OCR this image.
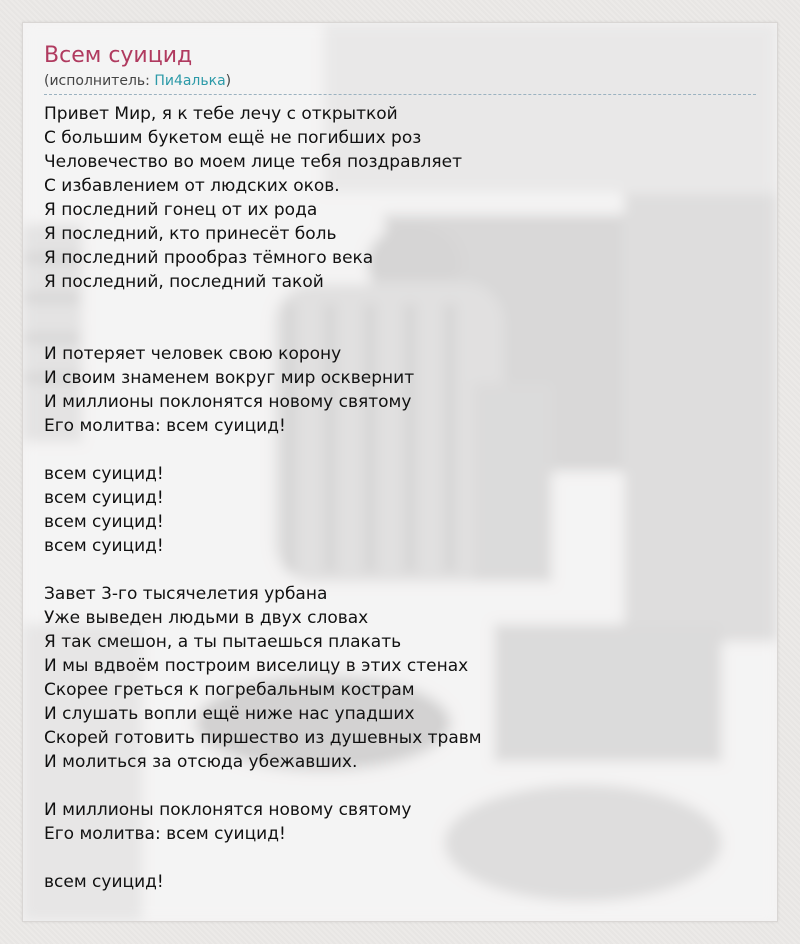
Всем суицид
(исполнитель: Пи4алька)
Привет Мир, я к тебе лечу с открыткой
С большим букетом ещё не погибших роз
Человечество во моем лице тебя поздравляет
С избавлением от людских оков.
Я последний гонец от их рода
Я последний, кто принесёт боль
Я последний прообраз тёмного века
Я последний, последний такой
И потеряет человек свою корону
И своим знаменем вокруг мир осквернит
И миллионы поклонятся новому святому
Его молитва: всем суицид!
всем суицид!
всем суицид!
всем суицид!
всем суицид!
Завет 3-го тысячелетия урбана
Уже выведен людьми в двух словах
Я так смешон, а ты пытаешься плакать
И мы вдвоём построим виселицу в этих стенах
Скорее греться к погребальным кострам
И слушать вопли ещё ниже нас упадших
Скорей готовить пиршество из душевных травм
И молиться за отсюда убежавших.
И миллионы поклонятся новому святому
Его молитва: всем суицид!
всем суицид!
